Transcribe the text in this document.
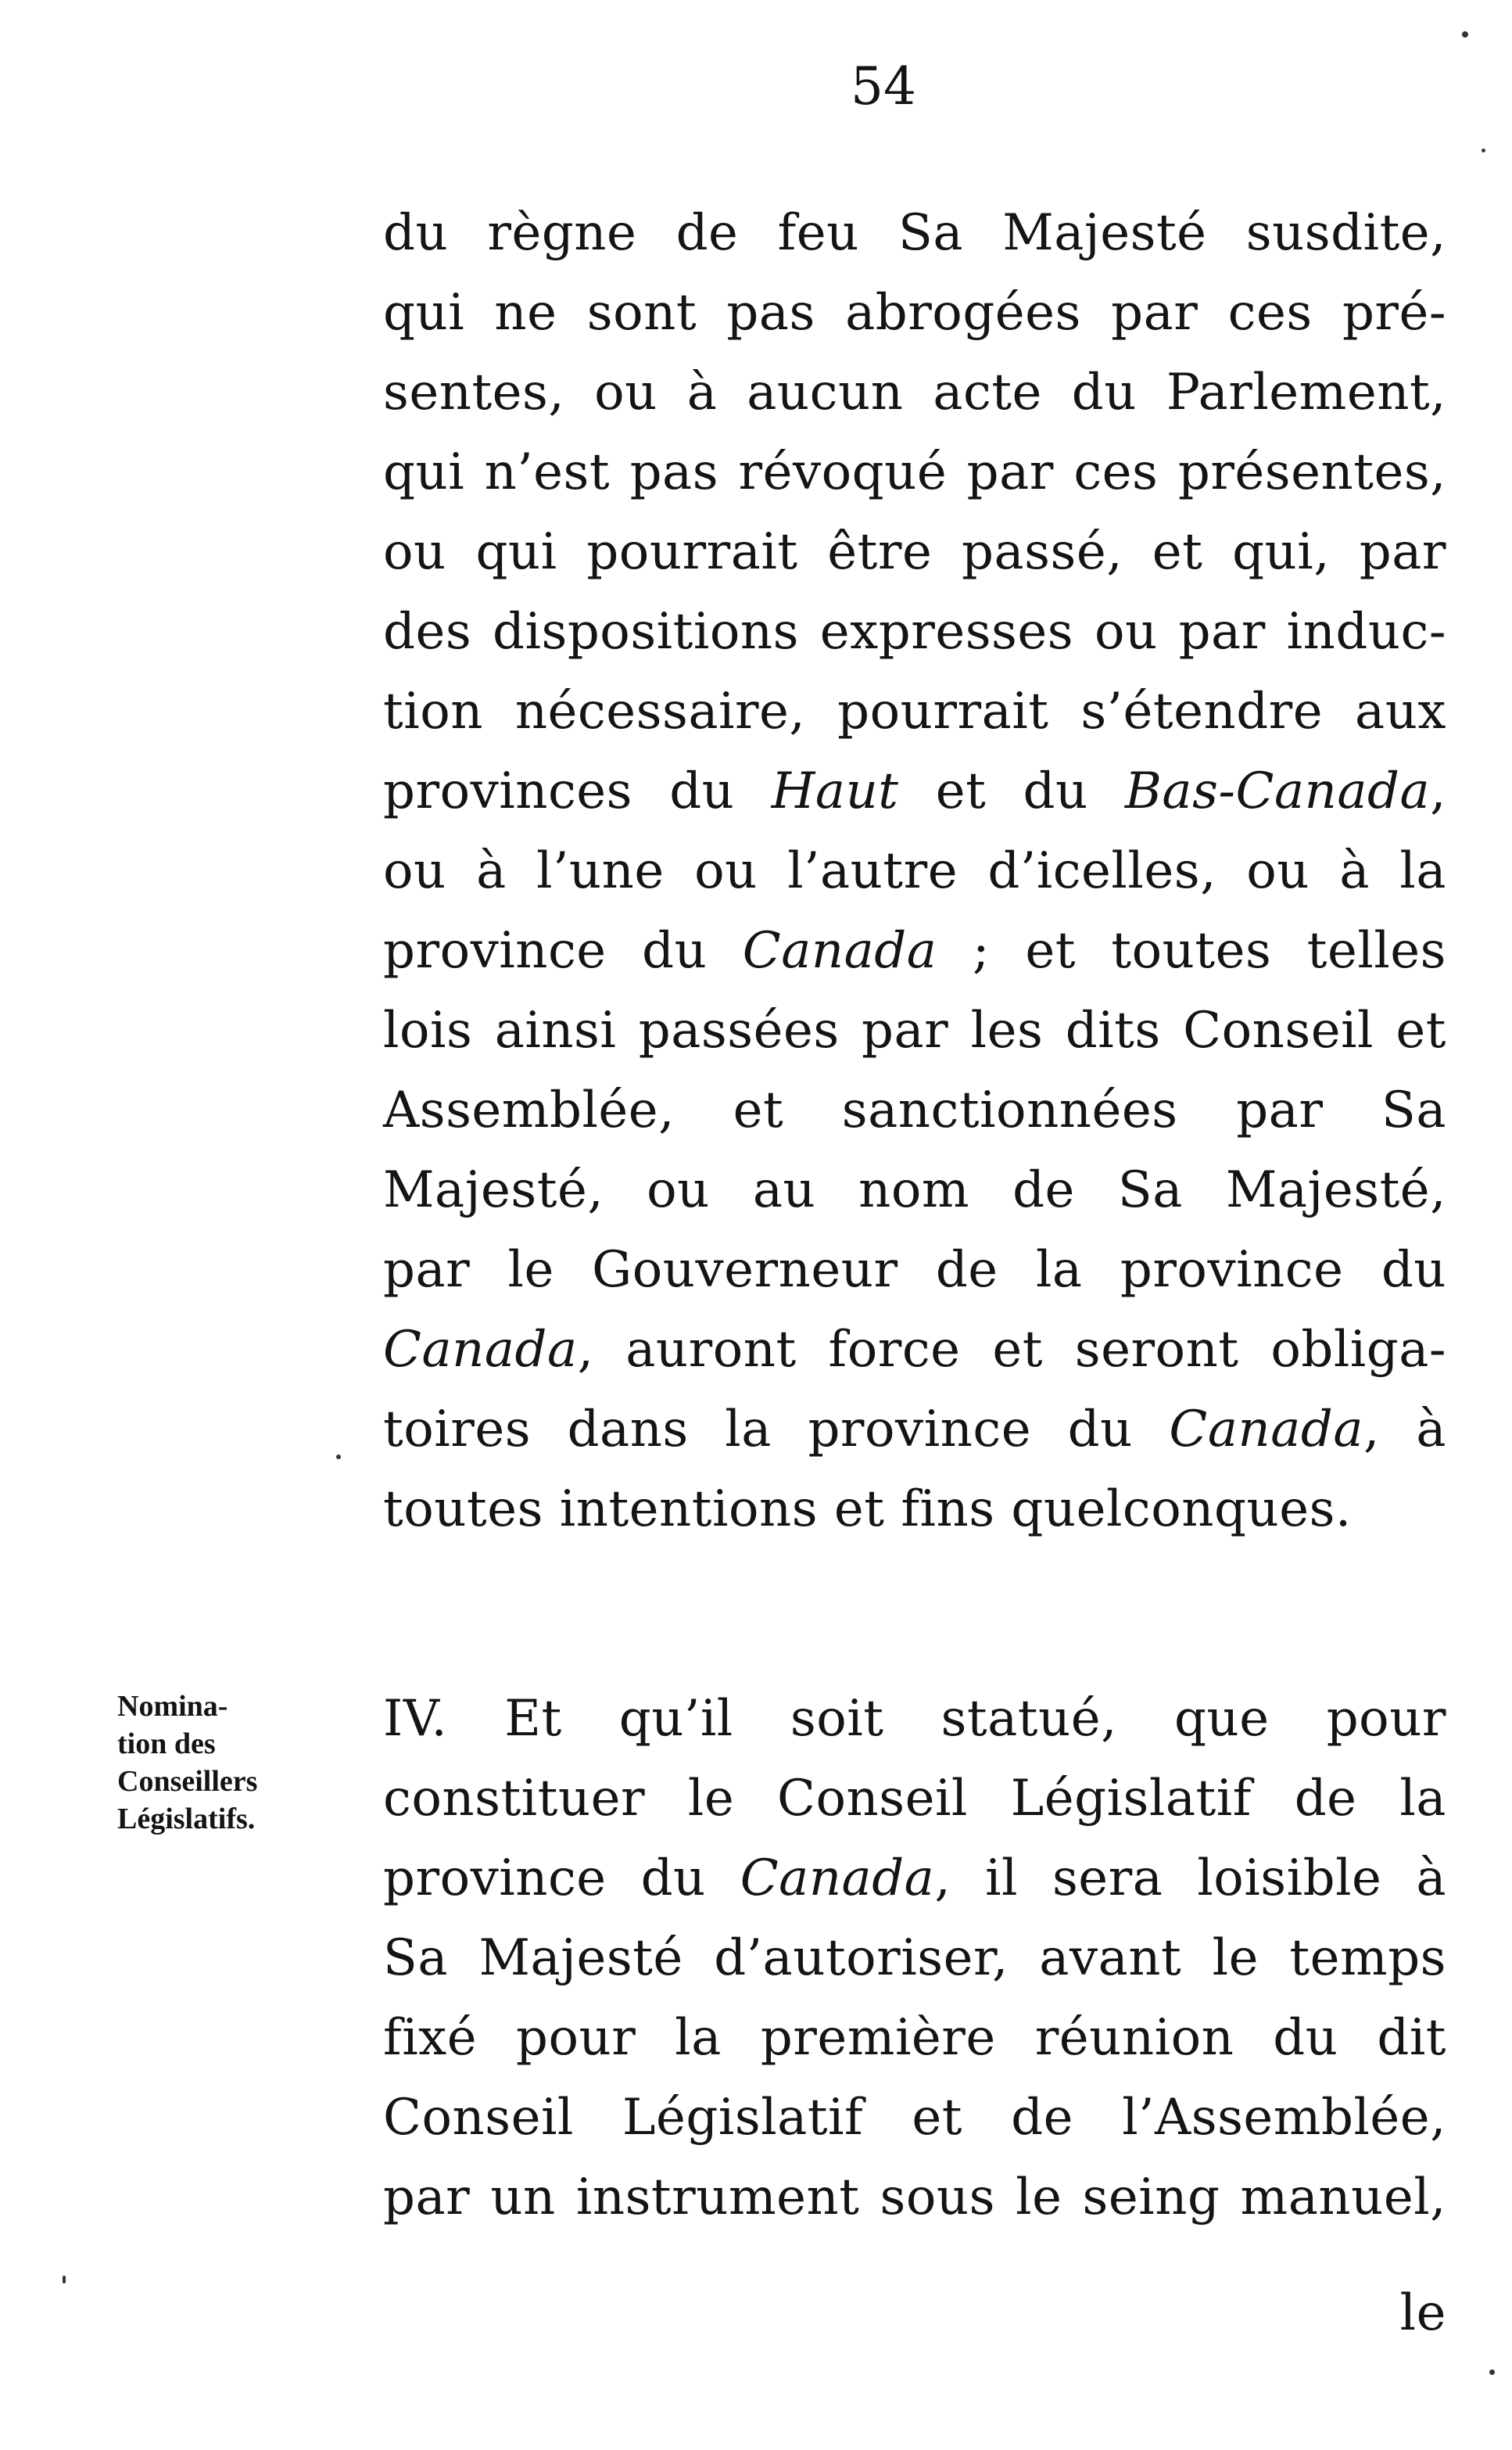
54
du règne de feu Sa Majesté susdite,
qui ne sont pas abrogées par ces pré-
sentes, ou à aucun acte du Parlement,
qui n’est pas révoqué par ces présentes,
ou qui pourrait être passé, et qui, par
des dispositions expresses ou par induc-
tion nécessaire, pourrait s’étendre aux
provinces du Haut et du Bas-Canada,
ou à l’une ou l’autre d’icelles, ou à la
province du Canada ; et toutes telles
lois ainsi passées par les dits Conseil et
Assemblée, et sanctionnées par Sa
Majesté, ou au nom de Sa Majesté,
par le Gouverneur de la province du
Canada, auront force et seront obliga-
toires dans la province du Canada, à
toutes intentions et fins quelconques.
IV. Et qu’il soit statué, que pour
constituer le Conseil Législatif de la
province du Canada, il sera loisible à
Sa Majesté d’autoriser, avant le temps
fixé pour la première réunion du dit
Conseil Législatif et de l’Assemblée,
par un instrument sous le seing manuel,
le
Nomina-
tion des
Conseillers
Législatifs.
